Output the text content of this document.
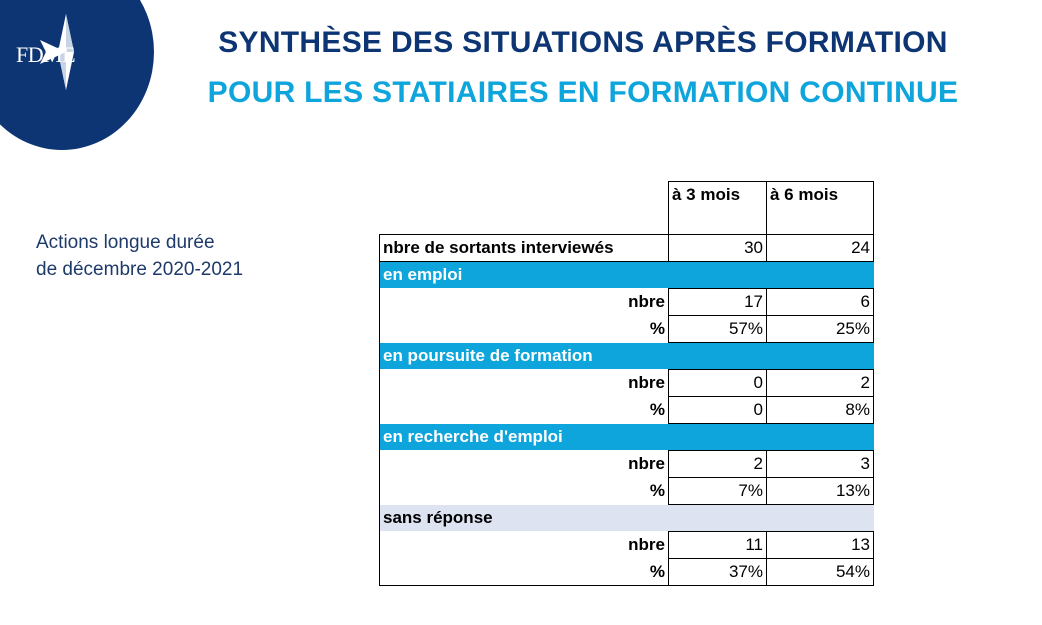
FDME	SYNTHÈSE DES SITUATIONS APRÈS FORMATION
POUR LES STATIAIRES EN FORMATION CONTINUE
Actions longue durée
de décembre 2020-2021
	à 3 mois	à 6 mois

nbre de sortants interviewés	30	24
en emploi		
nbre	17	6
%	57%	25%
en poursuite de formation		
nbre	0	2
%	0	8%
en recherche d'emploi		
nbre	2	3
%	7%	13%
sans réponse		
nbre	11	13
%	37%	54%
